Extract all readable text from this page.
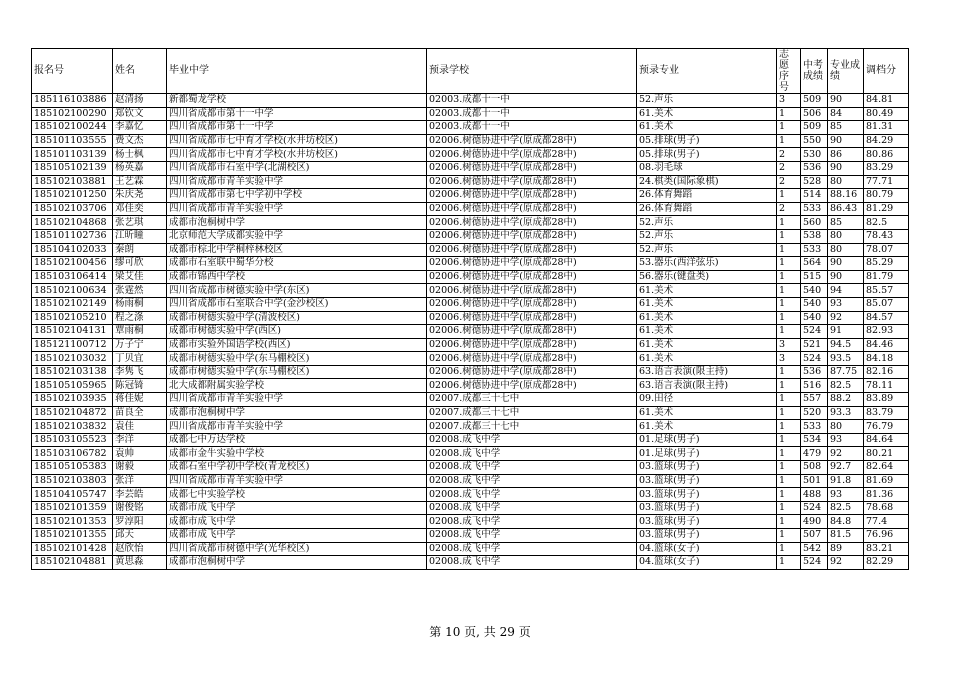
报名号	姓名	毕业中学	预录学校	预录专业	志愿序号	中考成绩	专业成绩	调档分
185116103886	赵清扬	新都蜀龙学校	02003.成都十一中	52.声乐	3	509	90	84.81
185102100290	郑钦文	四川省成都市第十一中学	02003.成都十一中	61.美术	1	506	84	80.49
185102100244	李嘉忆	四川省成都市第十一中学	02003.成都十一中	61.美术	1	509	85	81.31
185101103555	费文杰	四川省成都市七中育才学校(水井坊校区)	02006.树德协进中学(原成都28中)	05.排球(男子)	1	550	90	84.29
185101103139	杨士枫	四川省成都市七中育才学校(水井坊校区)	02006.树德协进中学(原成都28中)	05.排球(男子)	2	530	86	80.86
185105102139	杨英嘉	四川省成都市石室中学(北湖校区)	02006.树德协进中学(原成都28中)	08.羽毛球	2	536	90	83.29
185102103881	王艺霖	四川省成都市青羊实验中学	02006.树德协进中学(原成都28中)	24.棋类(国际象棋)	2	528	80	77.71
185102101250	朱庆尧	四川省成都市第七中学初中学校	02006.树德协进中学(原成都28中)	26.体育舞蹈	1	514	88.16	80.79
185102103706	邓佳奕	四川省成都市青羊实验中学	02006.树德协进中学(原成都28中)	26.体育舞蹈	2	533	86.43	81.29
185102104868	张艺琪	成都市泡桐树中学	02006.树德协进中学(原成都28中)	52.声乐	1	560	85	82.5
185101102736	江昕瞳	北京师范大学成都实验中学	02006.树德协进中学(原成都28中)	52.声乐	1	538	80	78.43
185104102033	秦朗	成都市棕北中学桐梓林校区	02006.树德协进中学(原成都28中)	52.声乐	1	533	80	78.07
185102100456	缪可欣	成都市石室联中蜀华分校	02006.树德协进中学(原成都28中)	53.器乐(西洋弦乐)	1	564	90	85.29
185103106414	梁艾佳	成都市锦西中学校	02006.树德协进中学(原成都28中)	56.器乐(键盘类)	1	515	90	81.79
185102100634	张霆然	四川省成都市树德实验中学(东区)	02006.树德协进中学(原成都28中)	61.美术	1	540	94	85.57
185102102149	杨雨桐	四川省成都市石室联合中学(金沙校区)	02006.树德协进中学(原成都28中)	61.美术	1	540	93	85.07
185102105210	程之涤	成都市树德实验中学(清波校区)	02006.树德协进中学(原成都28中)	61.美术	1	540	92	84.57
185102104131	覃雨桐	成都市树德实验中学(西区)	02006.树德协进中学(原成都28中)	61.美术	1	524	91	82.93
185121100712	万子宁	成都市实验外国语学校(西区)	02006.树德协进中学(原成都28中)	61.美术	3	521	94.5	84.46
185102103032	丁贝宜	成都市树德实验中学(东马棚校区)	02006.树德协进中学(原成都28中)	61.美术	3	524	93.5	84.18
185102103138	李隽飞	成都市树德实验中学(东马棚校区)	02006.树德协进中学(原成都28中)	63.语言表演(限主持)	1	536	87.75	82.16
185105105965	陈冠锜	北大成都附属实验学校	02006.树德协进中学(原成都28中)	63.语言表演(限主持)	1	516	82.5	78.11
185102103935	蒋佳妮	四川省成都市青羊实验中学	02007.成都三十七中	09.田径	1	557	88.2	83.89
185102104872	苗良全	成都市泡桐树中学	02007.成都三十七中	61.美术	1	520	93.3	83.79
185102103832	袁佳	四川省成都市青羊实验中学	02007.成都三十七中	61.美术	1	533	80	76.79
185103105523	李洋	成都七中万达学校	02008.成飞中学	01.足球(男子)	1	534	93	84.64
185103106782	袁帅	成都市金牛实验中学校	02008.成飞中学	01.足球(男子)	1	479	92	80.21
185105105383	谢毅	成都石室中学初中学校(青龙校区)	02008.成飞中学	03.篮球(男子)	1	508	92.7	82.64
185102103803	张洋	四川省成都市青羊实验中学	02008.成飞中学	03.篮球(男子)	1	501	91.8	81.69
185104105747	李芸皓	成都七中实验学校	02008.成飞中学	03.篮球(男子)	1	488	93	81.36
185102101359	谢俊铭	成都市成飞中学	02008.成飞中学	03.篮球(男子)	1	524	82.5	78.68
185102101353	罗淳阳	成都市成飞中学	02008.成飞中学	03.篮球(男子)	1	490	84.8	77.4
185102101355	邱天	成都市成飞中学	02008.成飞中学	03.篮球(男子)	1	507	81.5	76.96
185102101428	赵欣怡	四川省成都市树德中学(光华校区)	02008.成飞中学	04.篮球(女子)	1	542	89	83.21
185102104881	黄思淼	成都市泡桐树中学	02008.成飞中学	04.篮球(女子)	1	524	92	82.29
第 10 页, 共 29 页
